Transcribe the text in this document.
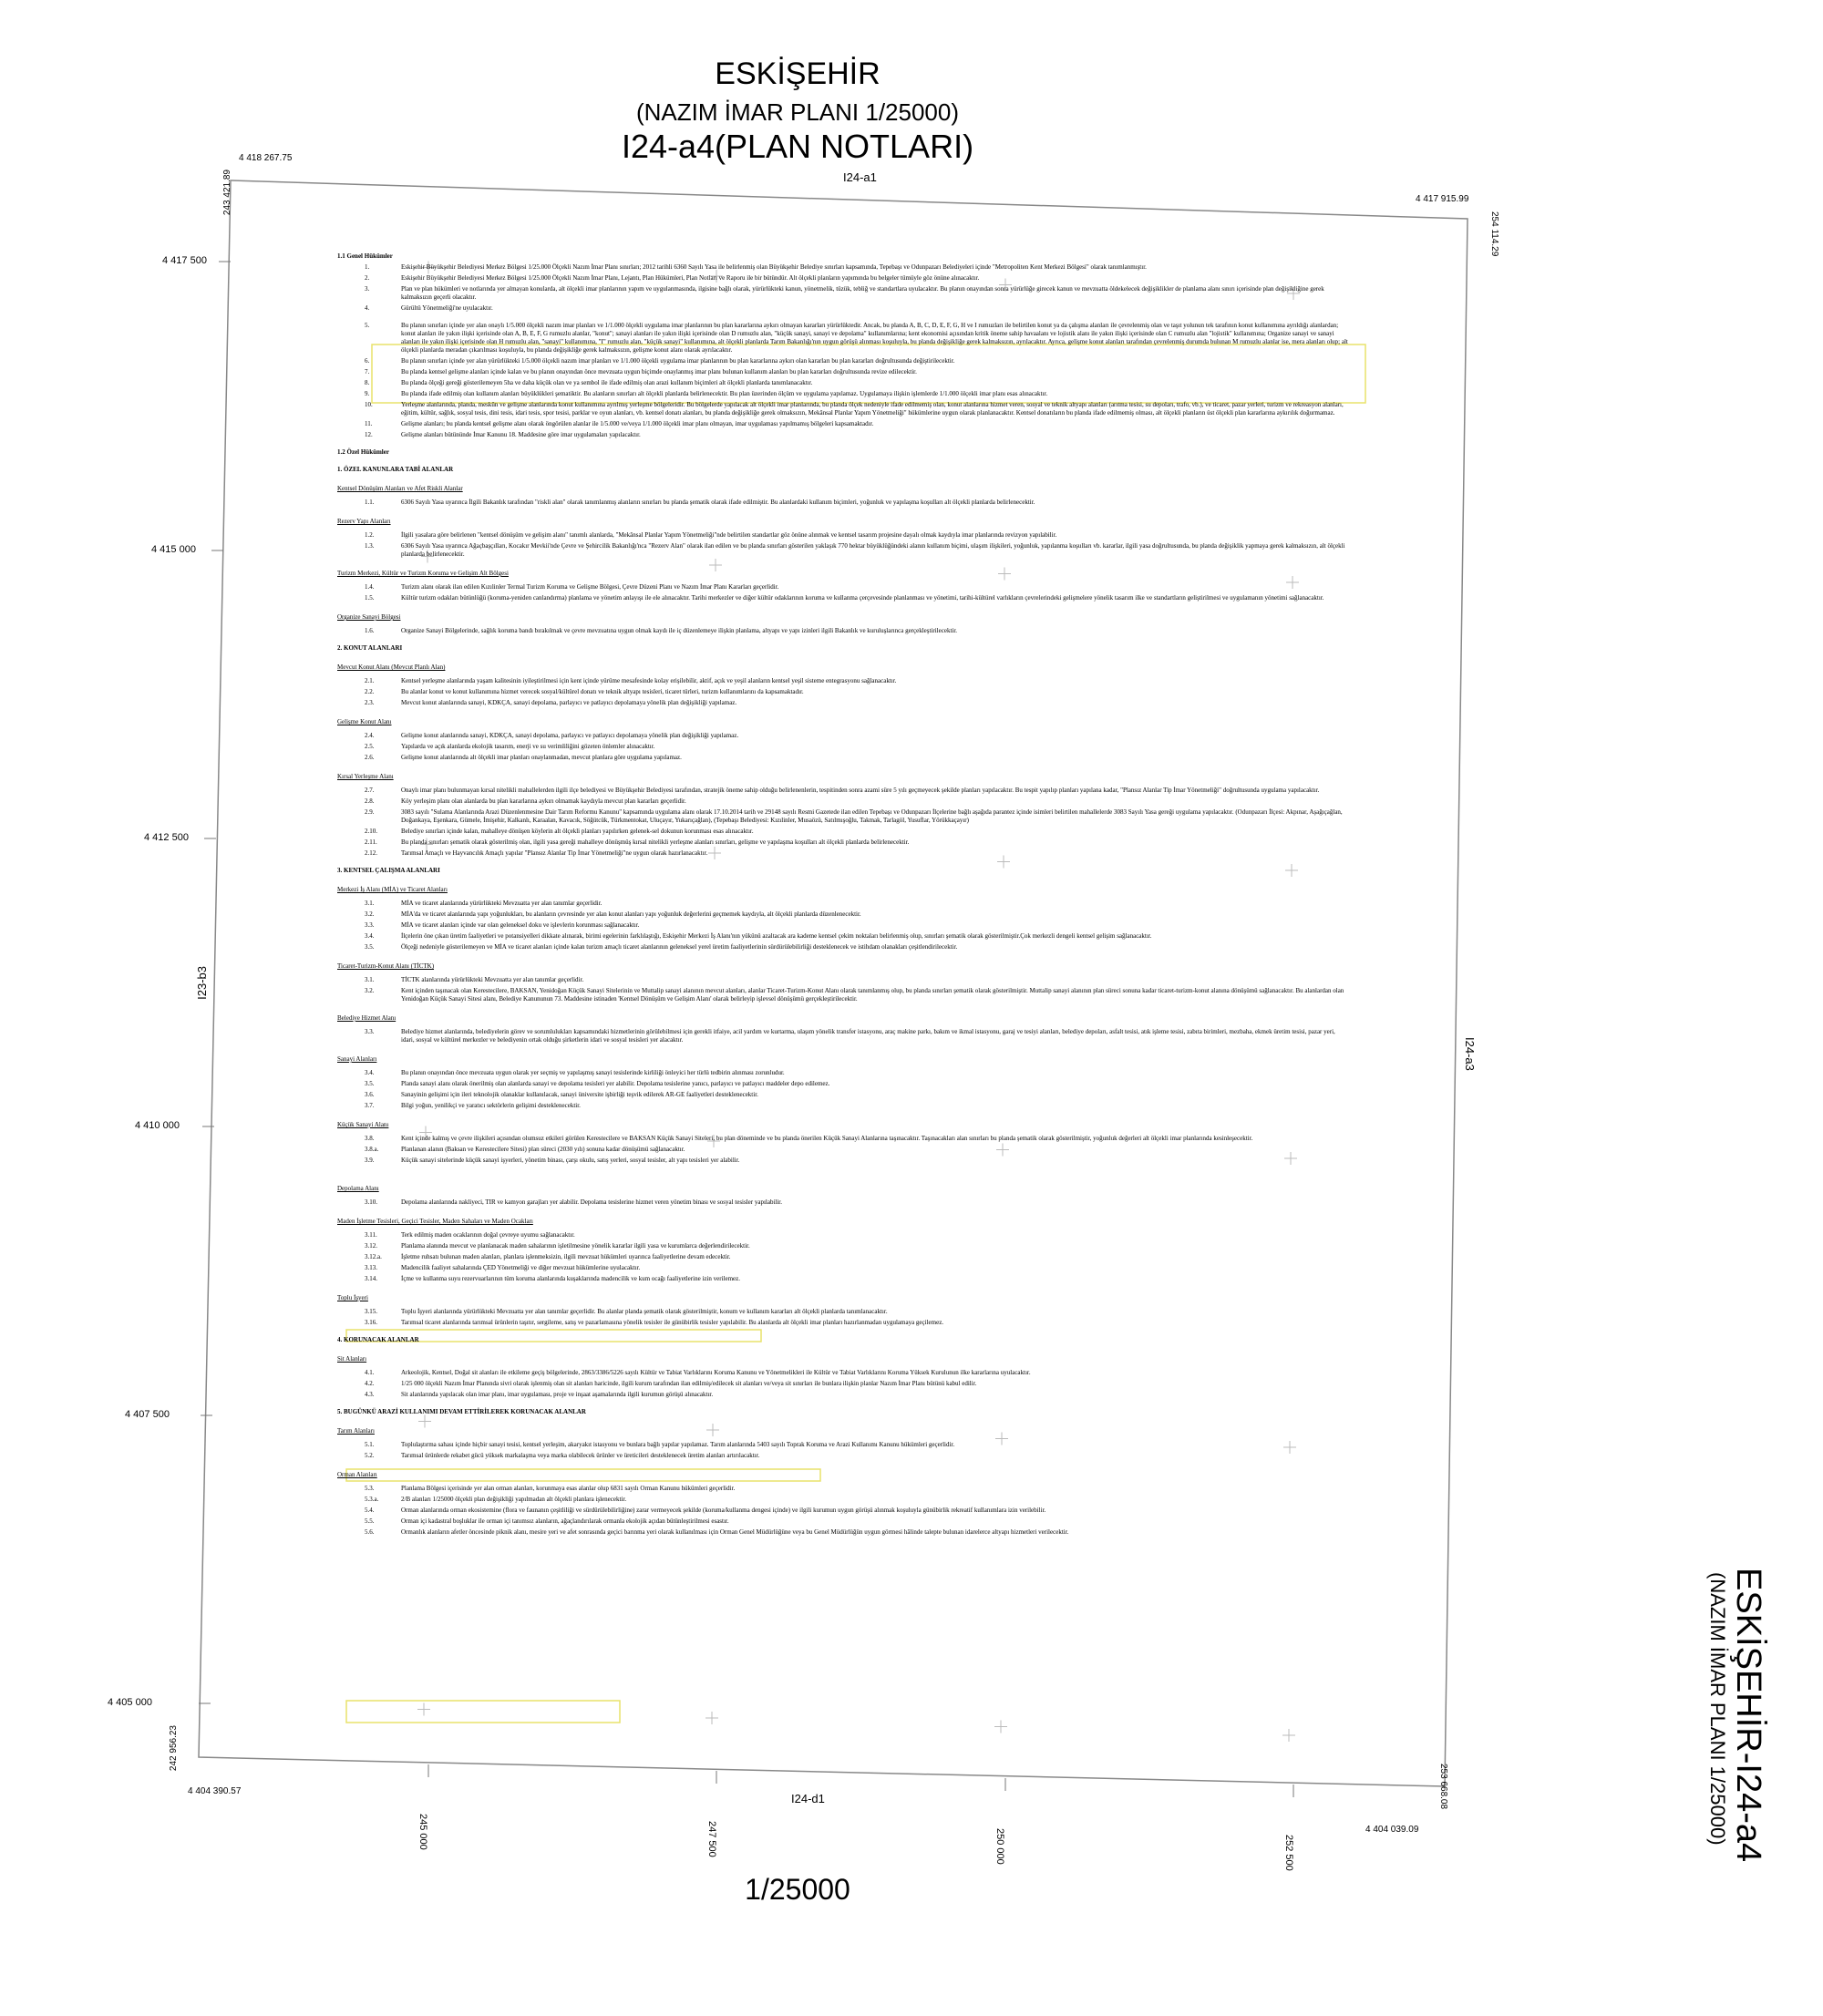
ESKİŞEHİR
(NAZIM İMAR PLANI 1/25000)
I24-a4(PLAN NOTLARI)
ESKİŞEHİR-I24-a4
(NAZIM İMAR PLANI 1/25000)
1/25000
I24-a1
I24-d1
I23-b3
I24-a3
4 418 267.75
243 421.89	4 417 915.99
254 114.29
4 404 390.57
242 956.23
4 404 039.09
253 668.08
4 417 500
4 415 000
4 412 500
4 410 000
4 407 500
4 405 000
245 000	247 500	250 000	252 500
1.1 Genel Hükümler
1.	Eskişehir Büyükşehir Belediyesi Merkez Bölgesi 1/25.000 Ölçekli Nazım İmar Planı sınırları; 2012 tarihli 6360 Sayılı Yasa ile belirlenmiş olan Büyükşehir Belediye sınırları kapsamında, Tepebaşı ve Odunpazarı Belediyeleri içinde "Metropoliten Kent Merkezi Bölgesi" olarak tanımlanmıştır.
2.	Eskişehir Büyükşehir Belediyesi Merkez Bölgesi 1/25.000 Ölçekli Nazım İmar Planı, Lejantı, Plan Hükümleri, Plan Notları ve Raporu ile bir bütündür. Alt ölçekli planların yapımında bu belgeler tümüyle göz önüne alınacaktır.
3.	Plan ve plan hükümleri ve notlarında yer almayan konularda, alt ölçekli imar planlarının yapım ve uygulanmasında, ilgisine bağlı olarak, yürürlükteki kanun, yönetmelik, tüzük, tebliğ ve standartlara uyulacaktır. Bu planın onayından sonra yürürlüğe girecek kanun ve mevzuatta öldekelecek değişiklikler de planlama alanı sınırı içerisinde plan değişikliğine gerek kalmaksızın geçerli olacaktır.
4.	Gürültü Yönetmeliği'ne uyulacaktır.
5.	Bu planın sınırları içinde yer alan onaylı 1/5.000 ölçekli nazım imar planları ve 1/1.000 ölçekli uygulama imar planlarının bu plan kararlarına aykırı olmayan kararları yürürlüktedir. Ancak, bu planda A, B, C, D, E, F, G, H ve I rumuzları ile belirtilen konut ya da çalışma alanları ile çevrelenmiş olan ve taşıt yolunun tek tarafının konut kullanımına ayrıldığı alanlardan; konut alanları ile yakın ilişki içerisinde olan A, B, E, F, G rumuzlu alanlar, "konut"; sanayi alanları ile yakın ilişki içerisinde olan D rumuzlu alan, "küçük sanayi, sanayi ve depolama" kullanımlarına; kent ekonomisi açısından kritik öneme sahip havaalanı ve lojistik alanı ile yakın ilişki içerisinde olan C rumuzlu alan "lojistik" kullanımına; Organize sanayi ve sanayi alanları ile yakın ilişki içerisinde olan H rumuzlu alan, "sanayi" kullanımına, "I" rumuzlu alan, "küçük sanayi" kullanımına, alt ölçekli planlarda Tarım Bakanlığı'nın uygun görüşü alınması koşuluyla, bu planda değişikliğe gerek kalmaksızın, ayrılacaktır. Ayrıca, gelişme konut alanları tarafından çevrelenmiş durumda bulunan M rumuzlu alanlar ise, mera alanları olup; alt ölçekli planlarda meradan çıkarılması koşuluyla, bu planda değişikliğe gerek kalmaksızın, gelişme konut alanı olarak ayrılacaktır.
6.	Bu planın sınırları içinde yer alan yürürlükteki 1/5.000 ölçekli nazım imar planları ve 1/1.000 ölçekli uygulama imar planlarının bu plan kararlarına aykırı olan kararları bu plan kararları doğrultusunda değiştirilecektir.
7.	Bu planda kentsel gelişme alanları içinde kalan ve bu planın onayından önce mevzuata uygun biçimde onaylanmış imar planı bulunan kullanım alanları bu plan kararları doğrultusunda revize edilecektir.
8.	Bu planda ölçeği gereği gösterilemeyen 5ha ve daha küçük olan ve ya sembol ile ifade edilmiş olan arazi kullanım biçimleri alt ölçekli planlarda tanımlanacaktır.
9.	Bu planda ifade edilmiş olan kullanım alanları büyüklükleri şematiktir. Bu alanların sınırları alt ölçekli planlarda belirlenecektir. Bu plan üzerinden ölçüm ve uygulama yapılamaz. Uygulamaya ilişkin işlemlerde 1/1.000 ölçekli imar planı esas alınacaktır.
10.	Yerleşme alanlarında, planda, meskûn ve gelişme alanlarında konut kullanımına ayrılmış yerleşme bölgeleridir. Bu bölgelerde yapılacak alt ölçekli imar planlarında, bu planda ölçek nedeniyle ifade edilmemiş olan, konut alanlarına hizmet veren, sosyal ve teknik altyapı alanları (arıtma tesisi, su depoları, trafo, vb.), ve ticaret, pazar yerleri, turizm ve rekreasyon alanları, eğitim, kültür, sağlık, sosyal tesis, dini tesis, idari tesis, spor tesisi, parklar ve oyun alanları, vb. kentsel donatı alanları, bu planda değişikliğe gerek olmaksızın, Mekânsal Planlar Yapım Yönetmeliği" hükümlerine uygun olarak planlanacaktır. Kentsel donatıların bu planda ifade edilmemiş olması, alt ölçekli planların üst ölçekli plan kararlarına aykırılık doğurmamaz.
11.	Gelişme alanları; bu planda kentsel gelişme alanı olarak öngörülen alanlar ile 1/5.000 ve/veya 1/1.000 ölçekli imar planı olmayan, imar uygulaması yapılmamış bölgeleri kapsamaktadır.
12.	Gelişme alanları bütününde İmar Kanunu 18. Maddesine göre imar uygulamaları yapılacaktır.
1.2 Özel Hükümler
1. ÖZEL KANUNLARA TABİ ALANLAR
Kentsel Dönüşüm Alanları ve Afet Riskli Alanlar
1.1.	6306 Sayılı Yasa uyarınca İlgili Bakanlık tarafından "riskli alan" olarak tanımlanmış alanların sınırları bu planda şematik olarak ifade edilmiştir. Bu alanlardaki kullanım biçimleri, yoğunluk ve yapılaşma koşulları alt ölçekli planlarda belirlenecektir.
Rezerv Yapı Alanları
1.2.	İlgili yasalara göre belirlenen "kentsel dönüşüm ve gelişim alanı" tanımlı alanlarda, "Mekânsal Planlar Yapım Yönetmeliği"nde belirtilen standartlar göz önüne alınmak ve kentsel tasarım projesine dayalı olmak kaydıyla imar planlarında revizyon yapılabilir.
1.3.	6306 Sayılı Yasa uyarınca Ağaçbaşçılları, Kocakır Mevkii'nde Çevre ve Şehircilik Bakanlığı'nca "Rezerv Alan" olarak ilan edilen ve bu planda sınırları gösterilen yaklaşık 770 hektar büyüklüğündeki alanın kullanım biçimi, ulaşım ilişkileri, yoğunluk, yapılanma koşulları vb. kararlar, ilgili yasa doğrultusunda, bu planda değişiklik yapmaya gerek kalmaksızın, alt ölçekli planlarda belirlenecektir.
Turizm Merkezi, Kültür ve Turizm Koruma ve Gelişim Alt Bölgesi
1.4.	Turizm alanı olarak ilan edilen Kızılinler Termal Turizm Koruma ve Gelişme Bölgesi, Çevre Düzeni Planı ve Nazım İmar Planı Kararları geçerlidir.
1.5.	Kültür turizm odakları bütünlüğü (koruma-yeniden canlandırma) planlama ve yönetim anlayışı ile ele alınacaktır. Tarihi merkezler ve diğer kültür odaklarının koruma ve kullanma çerçevesinde planlanması ve yönetimi, tarihi-kültürel varlıkların çevrelerindeki gelişmelere yönelik tasarım ilke ve standartların geliştirilmesi ve uygulamanın yönetimi sağlanacaktır.
Organize Sanayi Bölgesi
1.6.	Organize Sanayi Bölgelerinde, sağlık koruma bandı bırakılmak ve çevre mevzuatına uygun olmak kaydı ile iç düzenlemeye ilişkin planlama, altyapı ve yapı izinleri ilgili Bakanlık ve kuruluşlarınca gerçekleştirilecektir.
2. KONUT ALANLARI
Mevcut Konut Alanı (Mevcut Planlı Alan)
2.1.	Kentsel yerleşme alanlarında yaşam kalitesinin iyileştirilmesi için kent içinde yürüme mesafesinde kolay erişilebilir, aktif, açık ve yeşil alanların kentsel yeşil sisteme entegrasyonu sağlanacaktır.
2.2.	Bu alanlar konut ve konut kullanımına hizmet verecek sosyal/kültürel donatı ve teknik altyapı tesisleri, ticaret türleri, turizm kullanımlarını da kapsamaktadır.
2.3.	Mevcut konut alanlarında sanayi, KDKÇA, sanayi depolama, parlayıcı ve patlayıcı depolamaya yönelik plan değişikliği yapılamaz.
Gelişme Konut Alanı
2.4.	Gelişme konut alanlarında sanayi, KDKÇA, sanayi depolama, parlayıcı ve patlayıcı depolamaya yönelik plan değişikliği yapılamaz.
2.5.	Yapılarda ve açık alanlarda ekolojik tasarım, enerji ve su verimliliğini gözeten önlemler alınacaktır.
2.6.	Gelişme konut alanlarında alt ölçekli imar planları onaylanmadan, mevcut planlara göre uygulama yapılamaz.
Kırsal Yerleşme Alanı
2.7.	Onaylı imar planı bulunmayan kırsal nitelikli mahallelerden ilgili ilçe belediyesi ve Büyükşehir Belediyesi tarafından, stratejik öneme sahip olduğu belirlenenlerin, tespitinden sonra azami süre 5 yılı geçmeyecek şekilde planları yapılacaktır. Bu tespit yapılıp planları yapılana kadar, "Plansız Alanlar Tip İmar Yönetmeliği" doğrultusunda uygulama yapılacaktır.
2.8.	Köy yerleşim planı olan alanlarda bu plan kararlarına aykırı olmamak kaydıyla mevcut plan kararları geçerlidir.
2.9.	3083 sayılı "Sulama Alanlarında Arazi Düzenlenmesine Dair Tarım Reformu Kanunu" kapsamında uygulama alanı olarak 17.10.2014 tarih ve 29148 sayılı Resmi Gazetede ilan edilen Tepebaşı ve Odunpazarı İlçelerine bağlı aşağıda parantez içinde isimleri belirtilen mahallelerde 3083 Sayılı Yasa gereği uygulama yapılacaktır. (Odunpazarı İlçesi: Akpınar, Aşağıçağlan, Doğankaya, Eşenkara, Gümele, İmişehir, Kalkanlı, Karaalan, Kavacık, Söğütcük, Türkmentokat, Uluçayır, Yukarıçağlan), (Tepebaşı Belediyesi: Kızılinler, Musaözü, Satılmışoğlu, Takmak, Tarlagöl, Yusuflar, Yörükkaçayır)
2.10.	Belediye sınırları içinde kalan, mahalleye dönüşen köylerin alt ölçekli planları yapılırken gelenek-sel dokunun korunması esas alınacaktır.
2.11.	Bu planda sınırları şematik olarak gösterilmiş olan, ilgili yasa gereği mahalleye dönüşmüş kırsal nitelikli yerleşme alanları sınırları, gelişme ve yapılaşma koşulları alt ölçekli planlarda belirlenecektir.
2.12.	Tarımsal Amaçlı ve Hayvancılık Amaçlı yapılar "Plansız Alanlar Tip İmar Yönetmeliği"ne uygun olarak hazırlanacaktır.
3. KENTSEL ÇALIŞMA ALANLARI
Merkezi İş Alanı (MİA) ve Ticaret Alanları
3.1.	MİA ve ticaret alanlarında yürürlükteki Mevzuatta yer alan tanımlar geçerlidir.
3.2.	MİA'da ve ticaret alanlarında yapı yoğunlukları, bu alanların çevresinde yer alan konut alanları yapı yoğunluk değerlerini geçmemek kaydıyla, alt ölçekli planlarda düzenlenecektir.
3.3.	MİA ve ticaret alanları içinde var olan geleneksel doku ve işlevlerin korunması sağlanacaktır.
3.4.	İlçelerin öne çıkan üretim faaliyetleri ve potansiyelleri dikkate alınarak, birimi egelerinin farklılaştığı, Eskişehir Merkezi İş Alanı'nın yükünü azaltacak ara kademe kentsel çekim noktaları belirlenmiş olup, sınırları şematik olarak gösterilmiştir.Çok merkezli dengeli kentsel gelişim sağlanacaktır.
3.5.	Ölçeği nedeniyle gösterilemeyen ve MİA ve ticaret alanları içinde kalan turizm amaçlı ticaret alanlarının geleneksel yerel üretim faaliyetlerinin sürdürülebilirliği desteklenecek ve istihdam olanakları çeşitlendirilecektir.
Ticaret-Turizm-Konut Alanı (TİCTK)
3.1.	TİCTK alanlarında yürürlükteki Mevzuatta yer alan tanımlar geçerlidir.
3.2.	Kent içinden taşınacak olan Kerestecilere, BAKSAN, Yenidoğan Küçük Sanayi Sitelerinin ve Muttalip sanayi alanının mevcut alanları, alanlar Ticaret-Turizm-Konut Alanı olarak tanımlanmış olup, bu planda sınırları şematik olarak gösterilmiştir. Muttalip sanayi alanının plan süreci sonuna kadar ticaret-turizm-konut alanına dönüşümü sağlanacaktır. Bu alanlardan olan Yenidoğan Küçük Sanayi Sitesi alanı, Belediye Kanununun 73. Maddesine istinaden 'Kentsel Dönüşüm ve Gelişim Alanı' olarak belirleyip işlevsel dönüşümü gerçekleştirilecektir.
Belediye Hizmet Alanı
3.3.	Belediye hizmet alanlarında, belediyelerin görev ve sorumlulukları kapsamındaki hizmetlerinin görülebilmesi için gerekli itfaiye, acil yardım ve kurtarma, ulaşım yönelik transfer istasyonu, araç makine parkı, bakım ve ikmal istasyonu, garaj ve tesiyi alanları, belediye depoları, asfalt tesisi, atık işleme tesisi, zabıta birimleri, mezbaha, ekmek üretim tesisi, pazar yeri, idari, sosyal ve kültürel merkezler ve belediyenin ortak olduğu şirketlerin idari ve sosyal tesisleri yer alacaktır.
Sanayi Alanları
3.4.	Bu planın onayından önce mevzuata uygun olarak yer seçmiş ve yapılaşmış sanayi tesislerinde kirliliği önleyici her türlü tedbirin alınması zorunludur.
3.5.	Planda sanayi alanı olarak önerilmiş olan alanlarda sanayi ve depolama tesisleri yer alabilir. Depolama tesislerine yanıcı, parlayıcı ve patlayıcı maddeler depo edilemez.
3.6.	Sanayinin gelişimi için ileri teknolojik olanaklar kullanılacak, sanayi üniversite işbirliği teşvik edilerek AR-GE faaliyetleri desteklenecektir.
3.7.	Bilgi yoğun, yenilikçi ve yaratıcı sektörlerin gelişimi desteklenecektir.
Küçük Sanayi Alanı
3.8.	Kent içinde kalmış ve çevre ilişkileri açısından olumsuz etkileri görülen Kerestecilere ve BAKSAN Küçük Sanayi Siteleri, bu plan döneminde ve bu planda önerilen Küçük Sanayi Alanlarına taşınacaktır. Taşınacakları alan sınırları bu planda şematik olarak gösterilmiştir, yoğunluk değerleri alt ölçekli imar planlarında kesinleşecektir.
3.8.a.	Planlanan alanın (Baksan ve Kerestecilere Sitesi) plan süreci (2030 yılı) sonuna kadar dönüşümü sağlanacaktır.
3.9.	Küçük sanayi sitelerinde küçük sanayi işyerleri, yönetim binası, çarşı okulu, satış yerleri, sosyal tesisler, alt yapı tesisleri yer alabilir.
Depolama Alanı
3.10.	Depolama alanlarında nakliyeci, TIR ve kamyon garajları yer alabilir. Depolama tesislerine hizmet veren yönetim binası ve sosyal tesisler yapılabilir.
Maden İşletme Tesisleri, Geçici Tesisler, Maden Sahaları ve Maden Ocakları
3.11.	Terk edilmiş maden ocaklarının doğal çevreye uyumu sağlanacaktır.
3.12.	Planlama alanında mevcut ve planlanacak maden sahalarının işletilmesine yönelik kararlar ilgili yasa ve kurumlarca değerlendirilecektir.
3.12.a.	İşletme ruhsatı bulunan maden alanları, planlara işlenmeksizin, ilgili mevzuat hükümleri uyarınca faaliyetlerine devam edecektir.
3.13.	Madencilik faaliyet sahalarında ÇED Yönetmeliği ve diğer mevzuat hükümlerine uyulacaktır.
3.14.	İçme ve kullanma suyu rezervuarlarının tüm koruma alanlarında kuşaklarında madencilik ve kum ocağı faaliyetlerine izin verilemez.
Toplu İşyeri
3.15.	Toplu İşyeri alanlarında yürürlükteki Mevzuatta yer alan tanımlar geçerlidir. Bu alanlar planda şematik olarak gösterilmiştir, konum ve kullanım kararları alt ölçekli planlarda tanımlanacaktır.
3.16.	Tarımsal ticaret alanlarında tarımsal ürünlerin taşıtır, sergileme, satış ve pazarlamasına yönelik tesisler ile günübirlik tesisler yapılabilir. Bu alanlarda alt ölçekli imar planları hazırlanmadan uygulamaya geçilemez.
4. KORUNACAK ALANLAR
Sit Alanları
4.1.	Arkeolojik, Kentsel, Doğal sit alanları ile etkileme geçiş bölgelerinde, 2863/3386/5226 sayılı Kültür ve Tabiat Varlıklarını Koruma Kanunu ve Yönetmelikleri ile Kültür ve Tabiat Varlıklarını Koruma Yüksek Kurulunun ilke kararlarına uyulacaktır.
4.2.	1/25 000 ölçekli Nazım İmar Planında sivri olarak işlenmiş olan sit alanları haricinde, ilgili kurum tarafından ilan edilmiş/edilecek sit alanları ve/veya sit sınırları ile bunlara ilişkin planlar Nazım İmar Planı bütünü kabul edilir.
4.3.	Sit alanlarında yapılacak olan imar planı, imar uygulaması, proje ve inşaat aşamalarında ilgili kurumun görüşü alınacaktır.
5. BUGÜNKÜ ARAZİ KULLANIMI DEVAM ETTİRİLEREK KORUNACAK ALANLAR
Tarım Alanları
5.1.	Toplulaştırma sahası içinde hiçbir sanayi tesisi, kentsel yerleşim, akaryakıt istasyonu ve bunlara bağlı yapılar yapılamaz. Tarım alanlarında 5403 sayılı Toprak Koruma ve Arazi Kullanımı Kanunu hükümleri geçerlidir.
5.2.	Tarımsal ürünlerde rekabet gücü yüksek markalaşma veya marka olabilecek ürünler ve üreticileri desteklenecek üretim alanları artırılacaktır.
Orman Alanları
5.3.	Planlama Bölgesi içerisinde yer alan orman alanları, korunmaya esas alanlar olup 6831 sayılı Orman Kanunu hükümleri geçerlidir.
5.3.a.	2/B alanları 1/25000 ölçekli plan değişikliği yapılmadan alt ölçekli planlara işlenecektir.
5.4.	Orman alanlarında orman ekosistemine (flora ve faunanın çeşitliliği ve sürdürülebilirliğine) zarar vermeyecek şekilde (koruma/kullanma dengesi içinde) ve ilgili kurumun uygun görüşü alınmak koşuluyla günübirlik rekreatif kullanımlara izin verilebilir.
5.5.	Orman içi kadastral boşluklar ile orman içi tanımsız alanların, ağaçlandırılarak ormanla ekolojik açıdan bütünleştirilmesi esastır.
5.6.	Ormanlık alanların afetler öncesinde piknik alanı, mesire yeri ve afet sonrasında geçici barınma yeri olarak kullanılması için Orman Genel Müdürlüğüne veya bu Genel Müdürlüğün uygun görmesi hâlinde talepte bulunan idarelerce altyapı hizmetleri verilecektir.
